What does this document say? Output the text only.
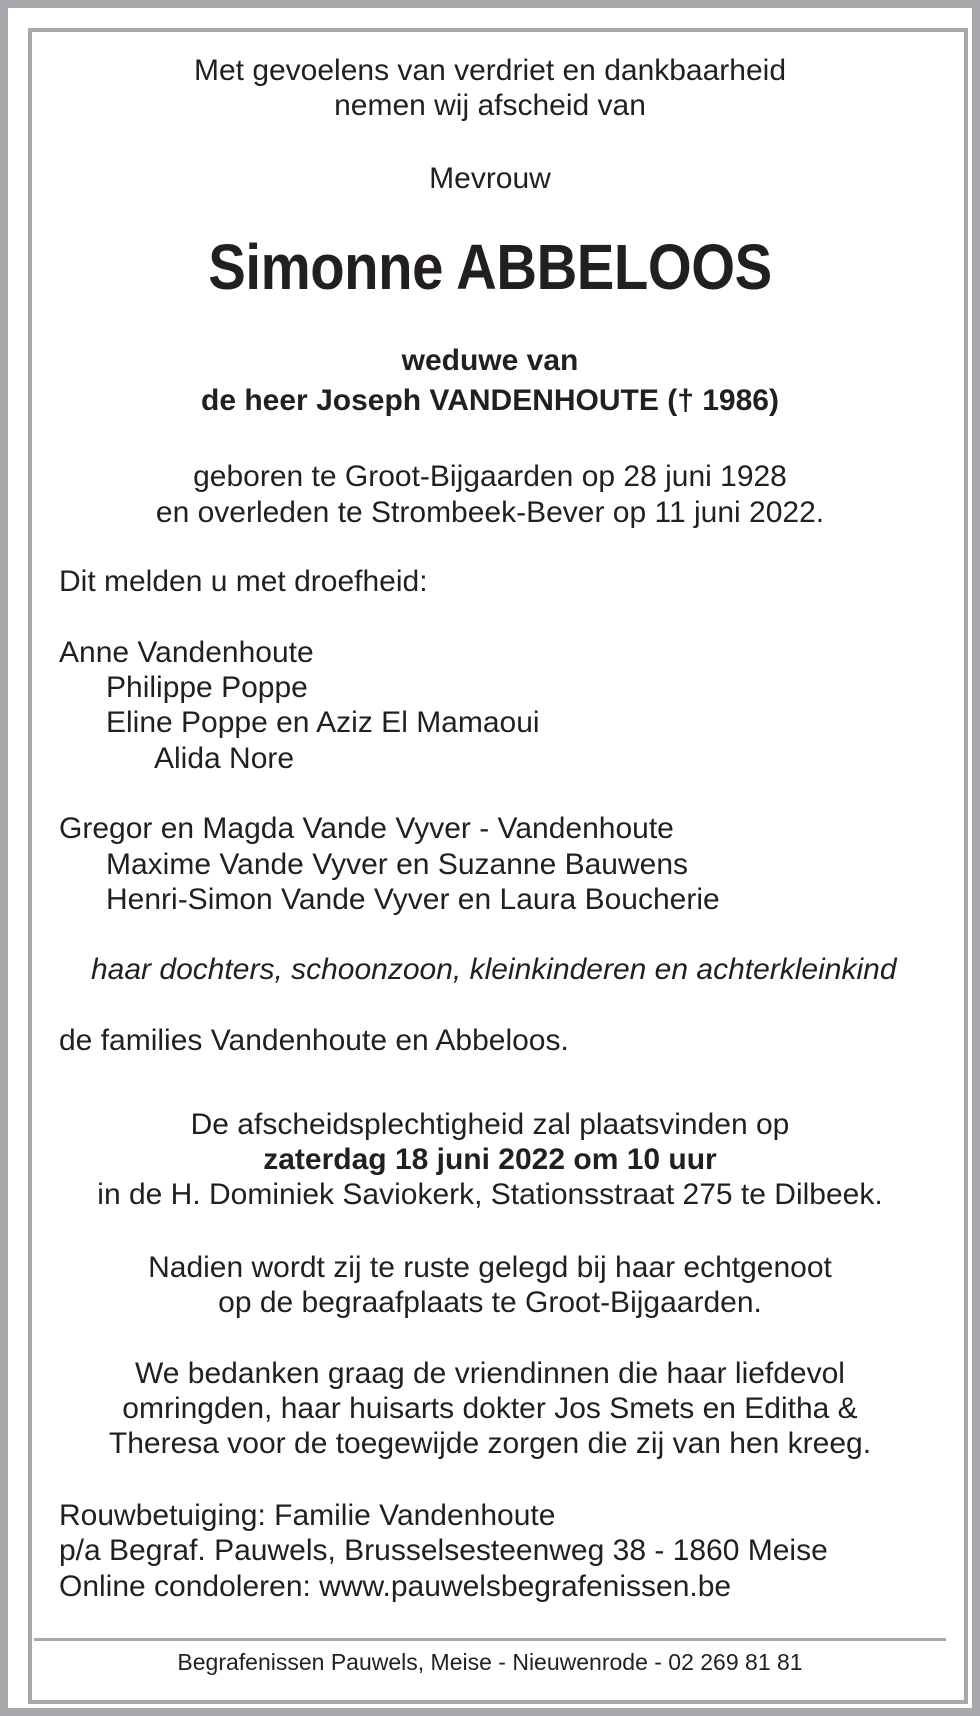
Met gevoelens van verdriet en dankbaarheid
nemen wij afscheid van
Mevrouw
Simonne ABBELOOS
weduwe van
de heer Joseph VANDENHOUTE († 1986)
geboren te Groot-Bijgaarden op 28 juni 1928
en overleden te Strombeek-Bever op 11 juni 2022.
Dit melden u met droefheid:
Anne Vandenhoute
Philippe Poppe
Eline Poppe en Aziz El Mamaoui
Alida Nore
Gregor en Magda Vande Vyver - Vandenhoute
Maxime Vande Vyver en Suzanne Bauwens
Henri-Simon Vande Vyver en Laura Boucherie
haar dochters, schoonzoon, kleinkinderen en achterkleinkind
de families Vandenhoute en Abbeloos.
De afscheidsplechtigheid zal plaatsvinden op
zaterdag 18 juni 2022 om 10 uur
in de H. Dominiek Saviokerk, Stationsstraat 275 te Dilbeek.
Nadien wordt zij te ruste gelegd bij haar echtgenoot
op de begraafplaats te Groot-Bijgaarden.
We bedanken graag de vriendinnen die haar liefdevol
omringden, haar huisarts dokter Jos Smets en Editha &
Theresa voor de toegewijde zorgen die zij van hen kreeg.
Rouwbetuiging: Familie Vandenhoute
p/a Begraf. Pauwels, Brusselsesteenweg 38 - 1860 Meise
Online condoleren: www.pauwelsbegrafenissen.be
Begrafenissen Pauwels, Meise - Nieuwenrode - 02 269 81 81
